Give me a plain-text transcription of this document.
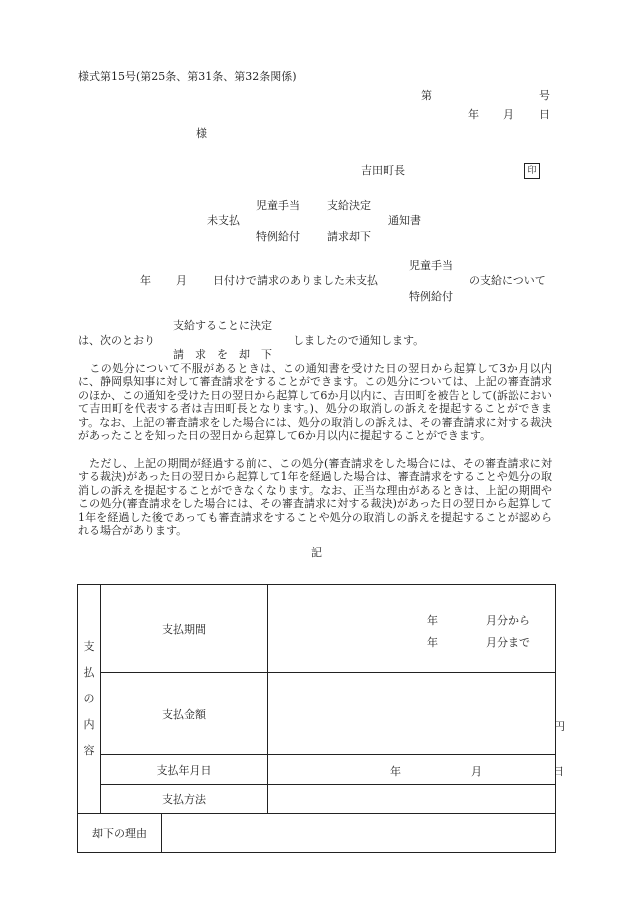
様式第15号(第25条、第31条、第32条関係)
第	号
年 月 日
様
吉田町長	印
児童手当 支給決定
未支払	通知書
特例給付 請求却下
児童手当
年 月 日付けで請求のありました未支払	の支給について
特例給付
支給することに決定
は、次のとおり	しましたので通知します。
請　求　を　却　下
　この処分について不服があるときは、この通知書を受けた日の翌日から起算して3か月以内に、静岡県知事に対して審査請求をすることができます。この処分については、上記の審査請求のほか、この通知を受けた日の翌日から起算して6か月以内に、吉田町を被告として(訴訟において吉田町を代表する者は吉田町長となります。)、処分の取消しの訴えを提起することができます。なお、上記の審査請求をした場合には、処分の取消しの訴えは、その審査請求に対する裁決があったことを知った日の翌日から起算して6か月以内に提起することができます。
　ただし、上記の期間が経過する前に、この処分(審査請求をした場合には、その審査請求に対する裁決)があった日の翌日から起算して1年を経過した場合は、審査請求をすることや処分の取消しの訴えを提起することができなくなります。なお、正当な理由があるときは、上記の期間やこの処分(審査請求をした場合には、その審査請求に対する裁決)があった日の翌日から起算して1年を経過した後であっても審査請求をすることや処分の取消しの訴えを提起することが認められる場合があります。
記
支
払
の
内
容	支払期間		年 月分から
年 月分まで

	支払金額		円

	支払年月日		年 月 日

	支払方法		
却下の理由			
